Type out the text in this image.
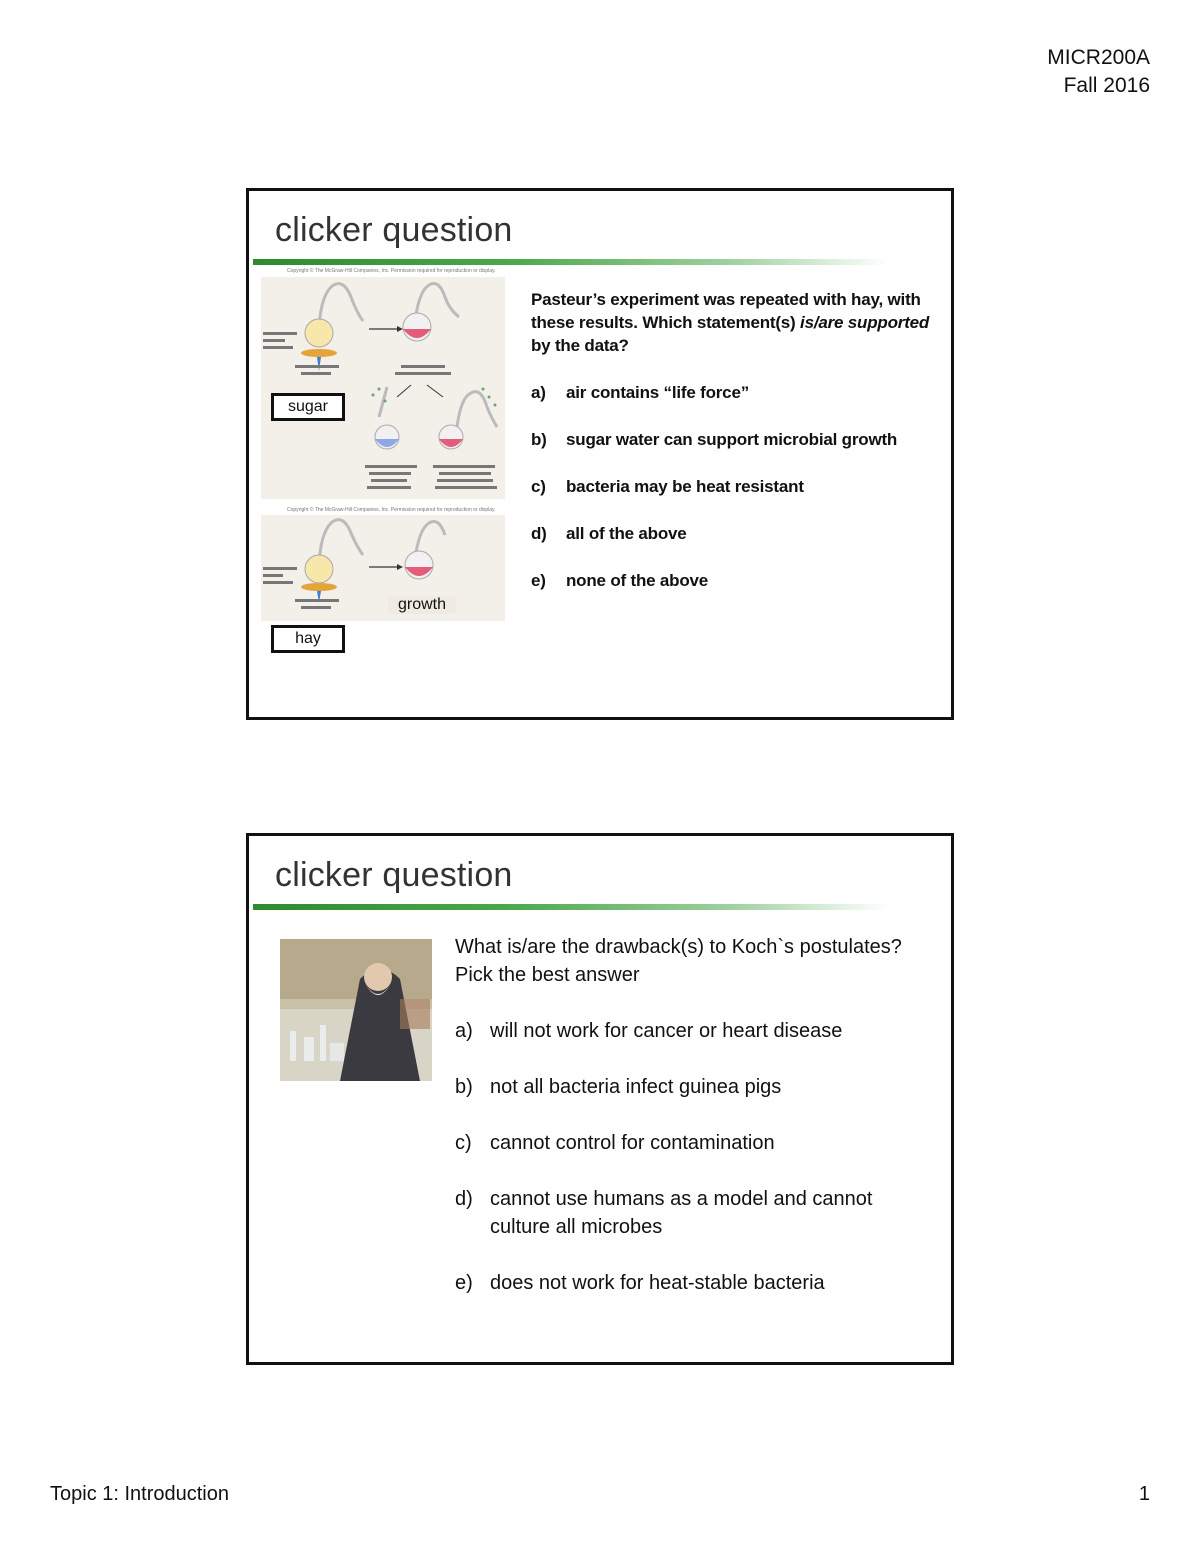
MICR200A
Fall 2016
clicker question
Copyright © The McGraw-Hill Companies, Inc. Permission required for reproduction or display.
sugar
Copyright © The McGraw-Hill Companies, Inc. Permission required for reproduction or display.
growth
hay
Pasteur’s experiment was repeated with hay, with these results. Which statement(s) is/are supported by the data?
a)	air contains “life force”
b)	sugar water can support microbial growth
c)	bacteria may be heat resistant
d)	all of the above
e)	none of the above
clicker question
What is/are the drawback(s) to Koch`s postulates?
Pick the best answer
a) will not work for cancer or heart disease
b) not all bacteria infect guinea pigs
c) cannot control for contamination
d) cannot use humans as a model and cannot culture all microbes
e) does not work for heat-stable bacteria
Topic 1: Introduction	1
